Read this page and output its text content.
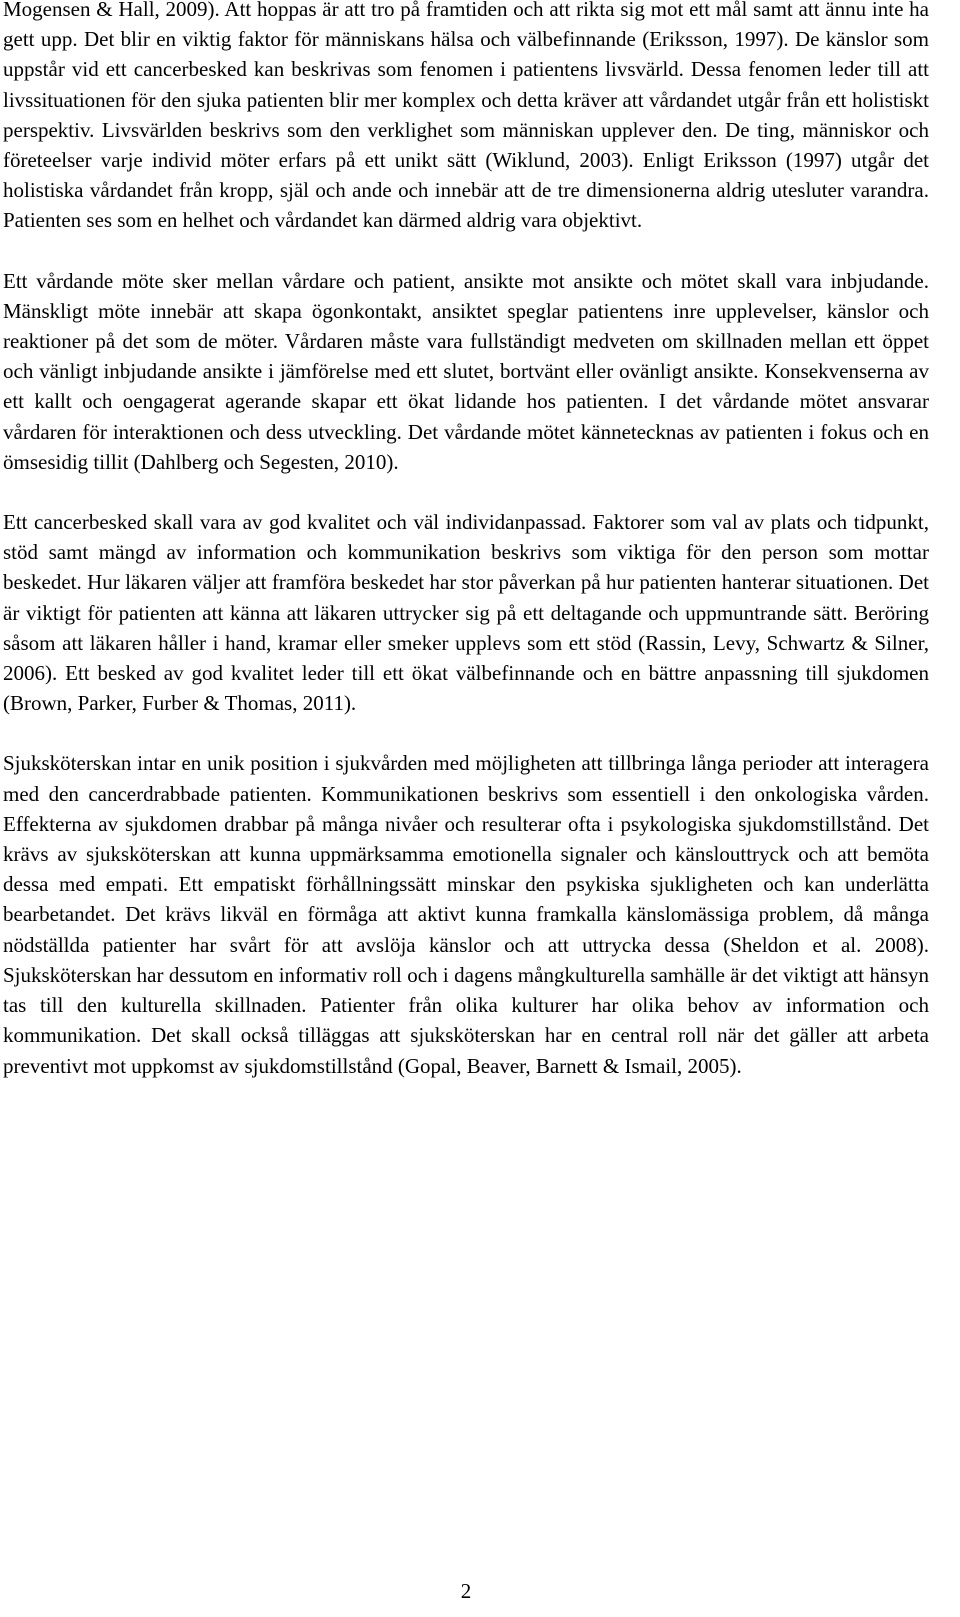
Mogensen & Hall, 2009). Att hoppas är att tro på framtiden och att rikta sig mot ett mål samt att ännu inte ha gett upp. Det blir en viktig faktor för människans hälsa och välbefinnande (Eriksson, 1997). De känslor som uppstår vid ett cancerbesked kan beskrivas som fenomen i patientens livsvärld. Dessa fenomen leder till att livssituationen för den sjuka patienten blir mer komplex och detta kräver att vårdandet utgår från ett holistiskt perspektiv. Livsvärlden beskrivs som den verklighet som människan upplever den. De ting, människor och företeelser varje individ möter erfars på ett unikt sätt (Wiklund, 2003). Enligt Eriksson (1997) utgår det holistiska vårdandet från kropp, själ och ande och innebär att de tre dimensionerna aldrig utesluter varandra. Patienten ses som en helhet och vårdandet kan därmed aldrig vara objektivt.

Ett vårdande möte sker mellan vårdare och patient, ansikte mot ansikte och mötet skall vara inbjudande. Mänskligt möte innebär att skapa ögonkontakt, ansiktet speglar patientens inre upplevelser, känslor och reaktioner på det som de möter. Vårdaren måste vara fullständigt medveten om skillnaden mellan ett öppet och vänligt inbjudande ansikte i jämförelse med ett slutet, bortvänt eller ovänligt ansikte. Konsekvenserna av ett kallt och oengagerat agerande skapar ett ökat lidande hos patienten. I det vårdande mötet ansvarar vårdaren för interaktionen och dess utveckling. Det vårdande mötet kännetecknas av patienten i fokus och en ömsesidig tillit (Dahlberg och Segesten, 2010).

Ett cancerbesked skall vara av god kvalitet och väl individanpassad. Faktorer som val av plats och tidpunkt, stöd samt mängd av information och kommunikation beskrivs som viktiga för den person som mottar beskedet. Hur läkaren väljer att framföra beskedet har stor påverkan på hur patienten hanterar situationen. Det är viktigt för patienten att känna att läkaren uttrycker sig på ett deltagande och uppmuntrande sätt. Beröring såsom att läkaren håller i hand, kramar eller smeker upplevs som ett stöd (Rassin, Levy, Schwartz & Silner, 2006). Ett besked av god kvalitet leder till ett ökat välbefinnande och en bättre anpassning till sjukdomen (Brown, Parker, Furber & Thomas, 2011).

Sjuksköterskan intar en unik position i sjukvården med möjligheten att tillbringa långa perioder att interagera med den cancerdrabbade patienten. Kommunikationen beskrivs som essentiell i den onkologiska vården. Effekterna av sjukdomen drabbar på många nivåer och resulterar ofta i psykologiska sjukdomstillstånd. Det krävs av sjuksköterskan att kunna uppmärksamma emotionella signaler och känslouttryck och att bemöta dessa med empati. Ett empatiskt förhållningssätt minskar den psykiska sjukligheten och kan underlätta bearbetandet. Det krävs likväl en förmåga att aktivt kunna framkalla känslomässiga problem, då många nödställda patienter har svårt för att avslöja känslor och att uttrycka dessa (Sheldon et al. 2008). Sjuksköterskan har dessutom en informativ roll och i dagens mångkulturella samhälle är det viktigt att hänsyn tas till den kulturella skillnaden. Patienter från olika kulturer har olika behov av information och kommunikation. Det skall också tilläggas att sjuksköterskan har en central roll när det gäller att arbeta preventivt mot uppkomst av sjukdomstillstånd (Gopal, Beaver, Barnett & Ismail, 2005).

2
